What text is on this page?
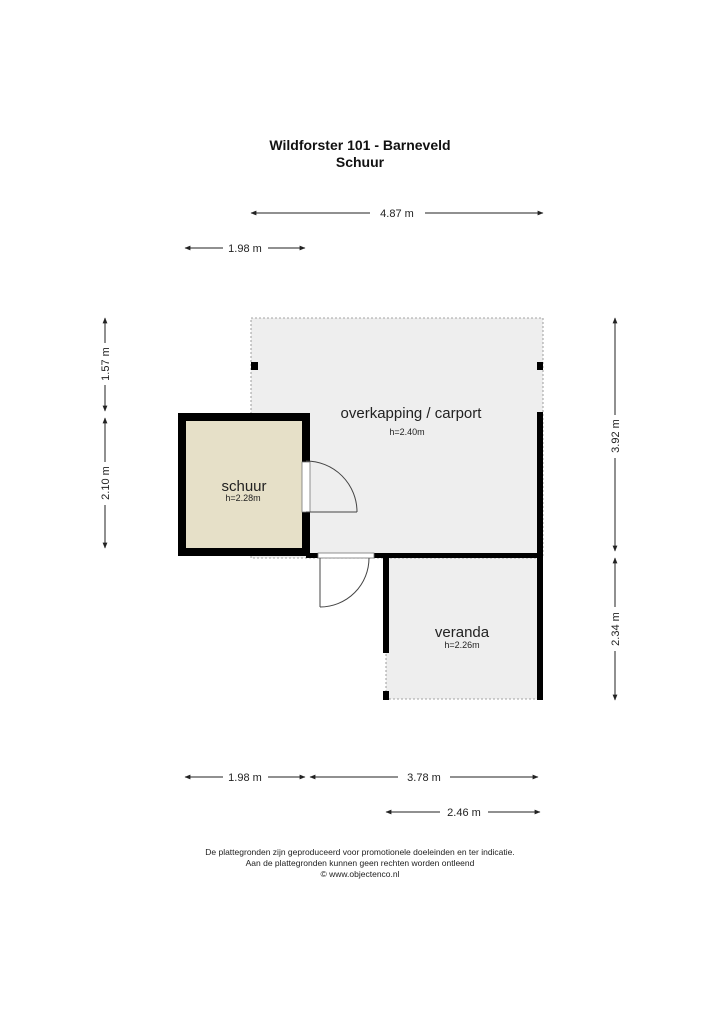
Wildforster 101 - Barneveld
Schuur
overkapping / carport
h=2.40m
schuur
h=2.28m
veranda
h=2.26m
4.87 m
1.98 m
1.57 m
2.10 m
3.92 m
2.34 m
1.98 m	3.78 m
2.46 m
De plattegronden zijn geproduceerd voor promotionele doeleinden en ter indicatie.
Aan de plattegronden kunnen geen rechten worden ontleend
© www.objectenco.nl
